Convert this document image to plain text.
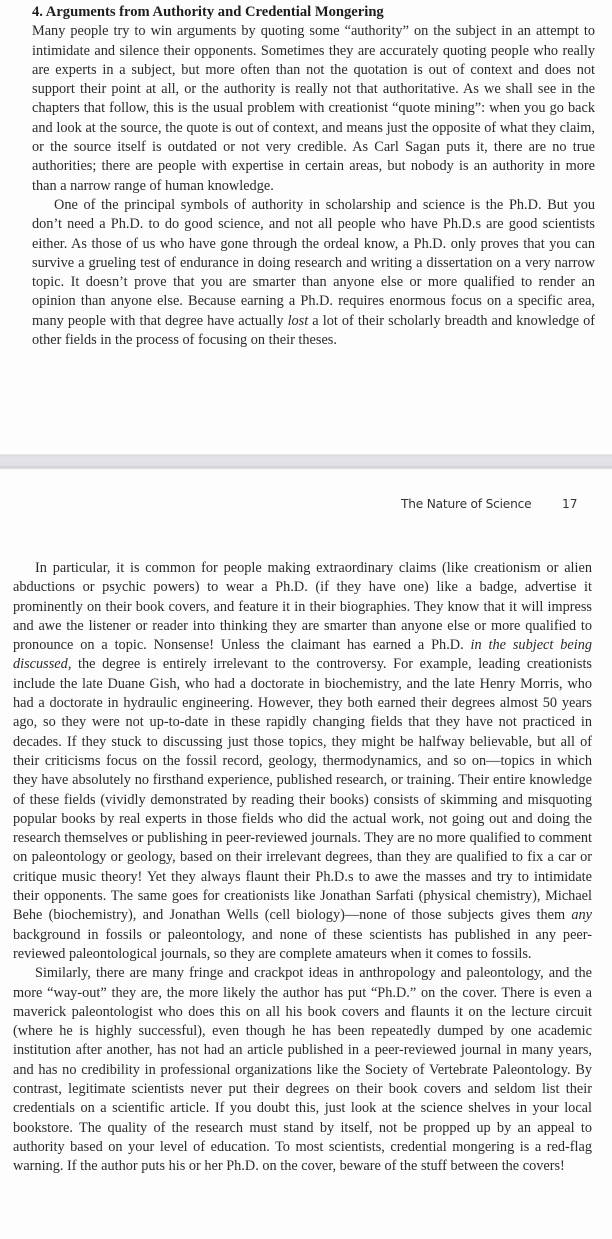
4. Arguments from Authority and Credential Mongering

Many people try to win arguments by quoting some “authority” on the subject in an attempt to intimidate and silence their opponents. Sometimes they are accurately quoting people who really are experts in a subject, but more often than not the quotation is out of context and does not support their point at all, or the authority is really not that authoritative. As we shall see in the chapters that follow, this is the usual problem with creationist “quote mining”: when you go back and look at the source, the quote is out of context, and means just the opposite of what they claim, or the source itself is outdated or not very credible. As Carl Sagan puts it, there are no true authorities; there are people with expertise in certain areas, but nobody is an authority in more than a narrow range of human knowledge.

One of the principal symbols of authority in scholarship and science is the Ph.D. But you don’t need a Ph.D. to do good science, and not all people who have Ph.D.s are good scientists either. As those of us who have gone through the ordeal know, a Ph.D. only proves that you can survive a grueling test of endurance in doing research and writing a dissertation on a very narrow topic. It doesn’t prove that you are smarter than anyone else or more qualified to render an opinion than anyone else. Because earning a Ph.D. requires enormous focus on a specific area, many people with that degree have actually lost a lot of their scholarly breadth and knowledge of other fields in the process of focusing on their theses.

The Nature of Science	17

In particular, it is common for people making extraordinary claims (like creationism or alien abductions or psychic powers) to wear a Ph.D. (if they have one) like a badge, advertise it prominently on their book covers, and feature it in their biographies. They know that it will impress and awe the listener or reader into thinking they are smarter than anyone else or more qualified to pronounce on a topic. Nonsense! Unless the claimant has earned a Ph.D. in the subject being discussed, the degree is entirely irrelevant to the controversy. For example, leading creationists include the late Duane Gish, who had a doctorate in biochemistry, and the late Henry Morris, who had a doctorate in hydraulic engineering. However, they both earned their degrees almost 50 years ago, so they were not up-to-date in these rapidly changing fields that they have not practiced in decades. If they stuck to discussing just those topics, they might be halfway believable, but all of their criticisms focus on the fossil record, geology, thermodynamics, and so on—topics in which they have absolutely no firsthand experience, published research, or training. Their entire knowledge of these fields (vividly demonstrated by reading their books) consists of skimming and misquoting popular books by real experts in those fields who did the actual work, not going out and doing the research themselves or publishing in peer-reviewed journals. They are no more qualified to comment on paleontology or geology, based on their irrelevant degrees, than they are qualified to fix a car or critique music theory! Yet they always flaunt their Ph.D.s to awe the masses and try to intimidate their opponents. The same goes for creationists like Jonathan Sarfati (physical chemistry), Michael Behe (biochemistry), and Jonathan Wells (cell biology)—none of those subjects gives them any background in fossils or paleontology, and none of these scientists has published in any peer-reviewed paleontological journals, so they are complete amateurs when it comes to fossils.

Similarly, there are many fringe and crackpot ideas in anthropology and paleontology, and the more “way-out” they are, the more likely the author has put “Ph.D.” on the cover. There is even a maverick paleontologist who does this on all his book covers and flaunts it on the lecture circuit (where he is highly successful), even though he has been repeatedly dumped by one academic institution after another, has not had an article published in a peer-reviewed journal in many years, and has no credibility in professional organizations like the Society of Vertebrate Paleontology. By contrast, legitimate scientists never put their degrees on their book covers and seldom list their credentials on a scientific article. If you doubt this, just look at the science shelves in your local bookstore. The quality of the research must stand by itself, not be propped up by an appeal to authority based on your level of education. To most scientists, credential mongering is a red-flag warning. If the author puts his or her Ph.D. on the cover, beware of the stuff between the covers!
